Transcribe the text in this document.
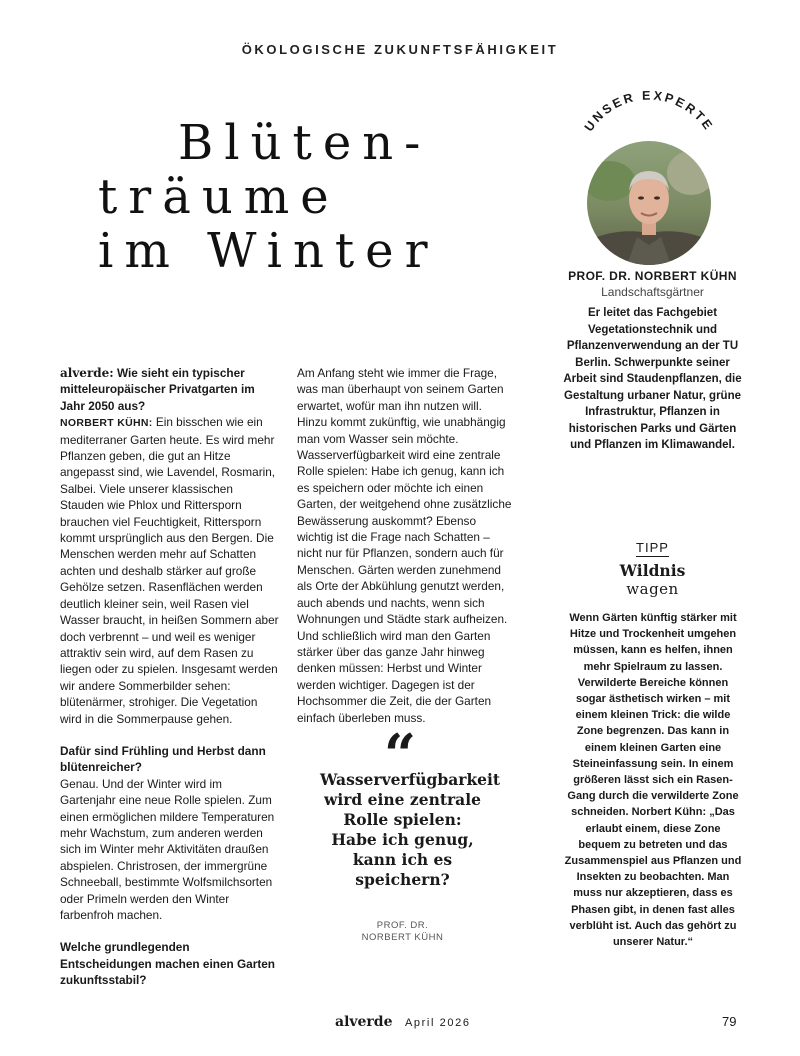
ÖKOLOGISCHE ZUKUNFTSFÄHIGKEIT
Blüten-
träume
im Winter
UNSER EXPERTE
PROF. DR. NORBERT KÜHN
Landschaftsgärtner

Er leitet das Fachgebiet Vegetationstechnik und Pflanzenverwendung an der TU Berlin. Schwerpunkte seiner Arbeit sind Staudenpflanzen, die Gestaltung urbaner Natur, grüne Infrastruktur, Pflanzen in historischen Parks und Gärten und Pflanzen im Klimawandel.

alverde: Wie sieht ein typischer mitteleuropäischer Privatgarten im Jahr 2050 aus?

NORBERT KÜHN: Ein bisschen wie ein mediterraner Garten heute. Es wird mehr Pflanzen geben, die gut an Hitze angepasst sind, wie Lavendel, Rosmarin, Salbei. Viele unserer klassischen Stauden wie Phlox und Rittersporn brauchen viel Feuchtigkeit, Rittersporn kommt ursprünglich aus den Bergen. Die Menschen werden mehr auf Schatten achten und deshalb stärker auf große Gehölze setzen. Rasenflächen werden deutlich kleiner sein, weil Rasen viel Wasser braucht, in heißen Sommern aber doch verbrennt – und weil es weniger attraktiv sein wird, auf dem Rasen zu liegen oder zu spielen. Insgesamt werden wir andere Sommerbilder sehen: blütenärmer, strohiger. Die Vegetation wird in die Sommerpause gehen.

Dafür sind Frühling und Herbst dann blütenreicher?

Genau. Und der Winter wird im Gartenjahr eine neue Rolle spielen. Zum einen ermöglichen mildere Temperaturen mehr Wachstum, zum anderen werden sich im Winter mehr Aktivitäten draußen abspielen. Christrosen, der immergrüne Schneeball, bestimmte Wolfsmilchsorten oder Primeln werden den Winter farbenfroh machen.

Welche grundlegenden Entscheidungen machen einen Garten zukunftsstabil?

Am Anfang steht wie immer die Frage, was man überhaupt von seinem Garten erwartet, wofür man ihn nutzen will. Hinzu kommt zukünftig, wie unabhängig man vom Wasser sein möchte. Wasserverfügbarkeit wird eine zentrale Rolle spielen: Habe ich genug, kann ich es speichern oder möchte ich einen Garten, der weitgehend ohne zusätzliche Bewässerung auskommt? Ebenso wichtig ist die Frage nach Schatten – nicht nur für Pflanzen, sondern auch für Menschen. Gärten werden zunehmend als Orte der Abkühlung genutzt werden, auch abends und nachts, wenn sich Wohnungen und Städte stark aufheizen. Und schließlich wird man den Garten stärker über das ganze Jahr hinweg denken müssen: Herbst und Winter werden wichtiger. Dagegen ist der Hochsommer die Zeit, die der Garten einfach überleben muss.

“

Wasserverfügbarkeit wird eine zentrale Rolle spielen: Habe ich genug, kann ich es speichern?

PROF. DR.
NORBERT KÜHN
TIPP
Wildnis
wagen

Wenn Gärten künftig stärker mit Hitze und Trockenheit umgehen müssen, kann es helfen, ihnen mehr Spielraum zu lassen. Verwilderte Bereiche können sogar ästhetisch wirken – mit einem kleinen Trick: die wilde Zone begrenzen. Das kann in einem kleinen Garten eine Steineinfassung sein. In einem größeren lässt sich ein Rasen-Gang durch die verwilderte Zone schneiden. Norbert Kühn: „Das erlaubt einem, diese Zone bequem zu betreten und das Zusammenspiel aus Pflanzen und Insekten zu beobachten. Man muss nur akzeptieren, dass es Phasen gibt, in denen fast alles verblüht ist. Auch das gehört zu unserer Natur.“

alverde April 2026	79
